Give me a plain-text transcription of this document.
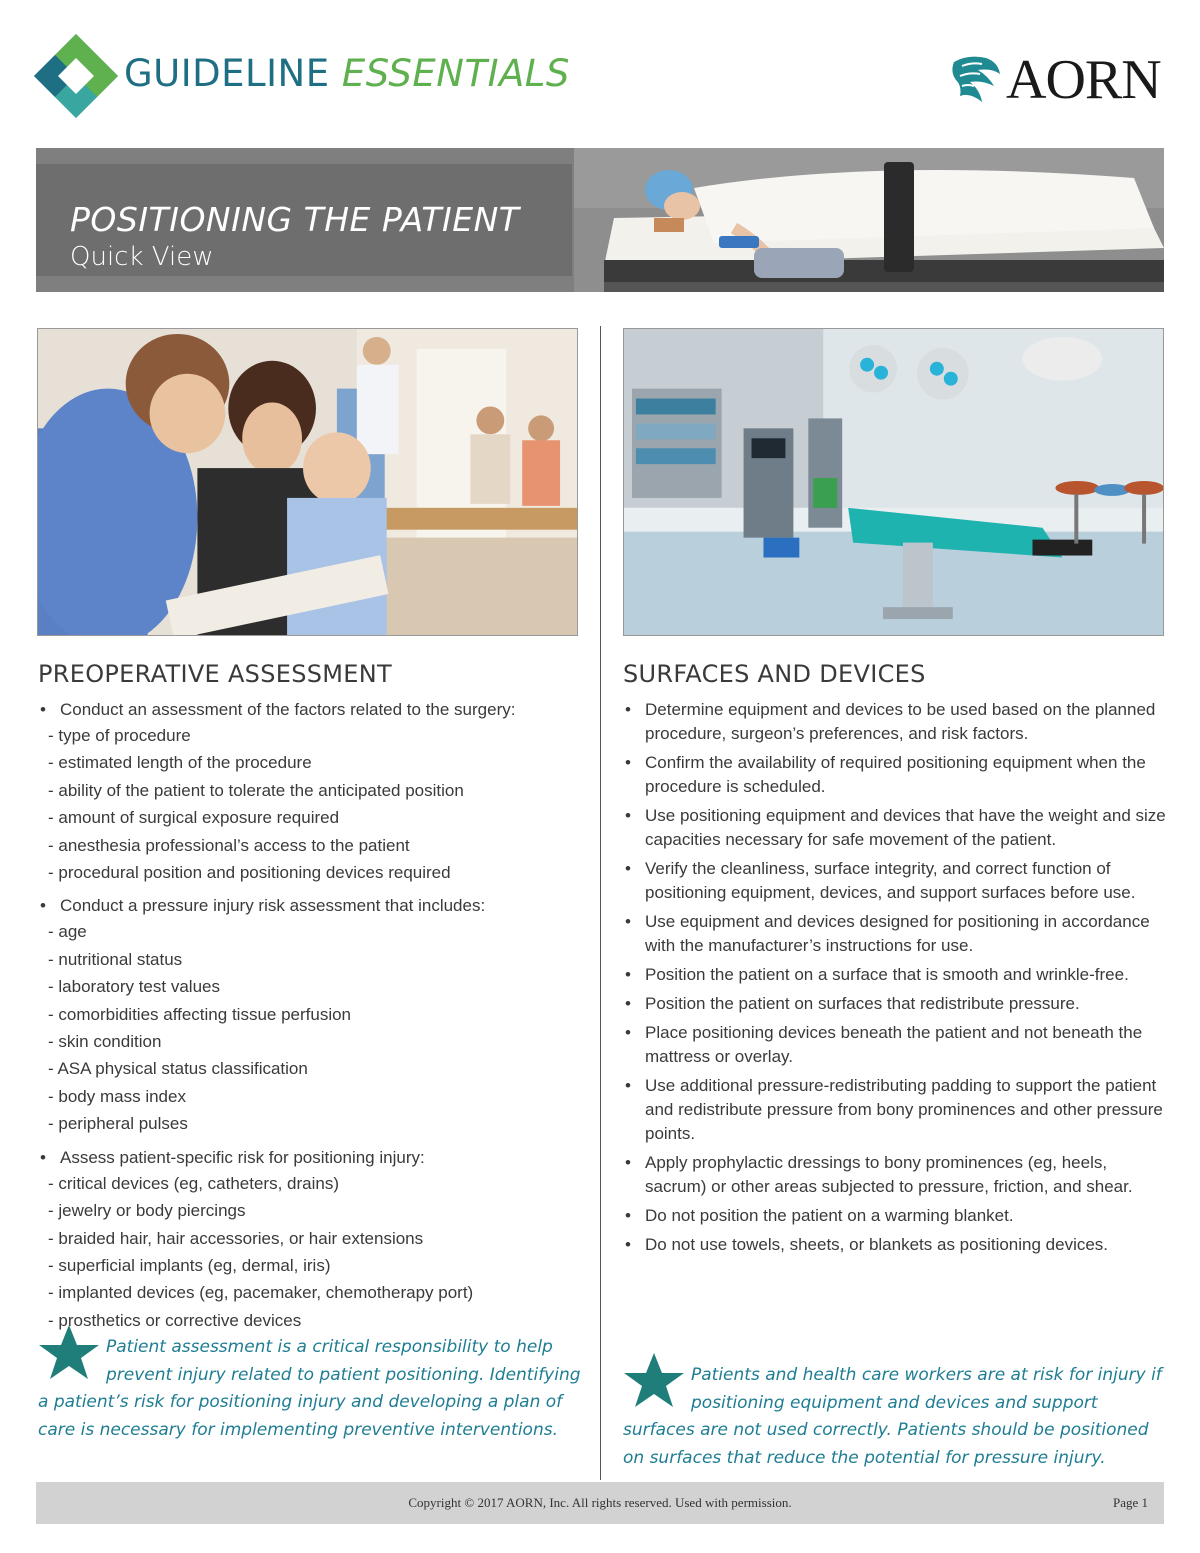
GUIDELINE ESSENTIALS	AORN
POSITIONING THE PATIENT
Quick View
PREOPERATIVE ASSESSMENT
• Conduct an assessment of the factors related to the surgery:
- type of procedure
- estimated length of the procedure
- ability of the patient to tolerate the anticipated position
- amount of surgical exposure required
- anesthesia professional’s access to the patient
- procedural position and positioning devices required
• Conduct a pressure injury risk assessment that includes:
- age
- nutritional status
- laboratory test values
- comorbidities affecting tissue perfusion
- skin condition
- ASA physical status classification
- body mass index
- peripheral pulses
• Assess patient-specific risk for positioning injury:
- critical devices (eg, catheters, drains)
- jewelry or body piercings
- braided hair, hair accessories, or hair extensions
- superficial implants (eg, dermal, iris)
- implanted devices (eg, pacemaker, chemotherapy port)
- prosthetics or corrective devices
Patient assessment is a critical responsibility to help prevent injury related to patient positioning. Identifying a patient’s risk for positioning injury and developing a plan of care is necessary for implementing preventive interventions.
SURFACES AND DEVICES
• Determine equipment and devices to be used based on the planned procedure, surgeon’s preferences, and risk factors.
• Confirm the availability of required positioning equipment when the procedure is scheduled.
• Use positioning equipment and devices that have the weight and size capacities necessary for safe movement of the patient.
• Verify the cleanliness, surface integrity, and correct function of positioning equipment, devices, and support surfaces before use.
• Use equipment and devices designed for positioning in accordance with the manufacturer’s instructions for use.
• Position the patient on a surface that is smooth and wrinkle-free.
• Position the patient on surfaces that redistribute pressure.
• Place positioning devices beneath the patient and not beneath the mattress or overlay.
• Use additional pressure-redistributing padding to support the patient and redistribute pressure from bony prominences and other pressure points.
• Apply prophylactic dressings to bony prominences (eg, heels, sacrum) or other areas subjected to pressure, friction, and shear.
• Do not position the patient on a warming blanket.
• Do not use towels, sheets, or blankets as positioning devices.
Patients and health care workers are at risk for injury if positioning equipment and devices and support surfaces are not used correctly. Patients should be positioned on surfaces that reduce the potential for pressure injury.
Copyright © 2017 AORN, Inc. All rights reserved. Used with permission.	Page 1
